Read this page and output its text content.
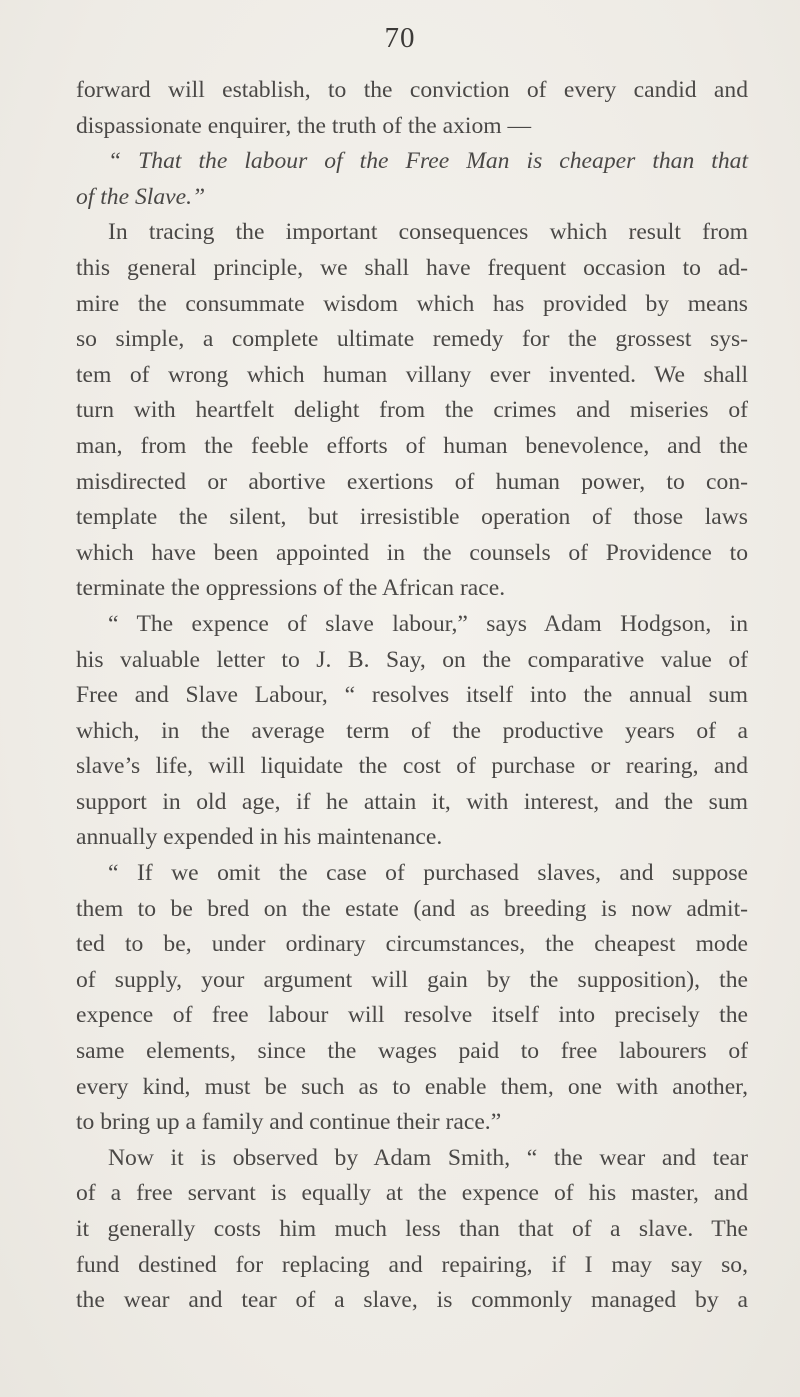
70
forward will establish, to the conviction of every candid and
dispassionate enquirer, the truth of the axiom —
“ That the labour of the Free Man is cheaper than that
of the Slave.”
In tracing the important consequences which result from
this general principle, we shall have frequent occasion to ad-
mire the consummate wisdom which has provided by means
so simple, a complete ultimate remedy for the grossest sys-
tem of wrong which human villany ever invented. We shall
turn with heartfelt delight from the crimes and miseries of
man, from the feeble efforts of human benevolence, and the
misdirected or abortive exertions of human power, to con-
template the silent, but irresistible operation of those laws
which have been appointed in the counsels of Providence to
terminate the oppressions of the African race.
“ The expence of slave labour,” says Adam Hodgson, in
his valuable letter to J. B. Say, on the comparative value of
Free and Slave Labour, “ resolves itself into the annual sum
which, in the average term of the productive years of a
slave’s life, will liquidate the cost of purchase or rearing, and
support in old age, if he attain it, with interest, and the sum
annually expended in his maintenance.
“ If we omit the case of purchased slaves, and suppose
them to be bred on the estate (and as breeding is now admit-
ted to be, under ordinary circumstances, the cheapest mode
of supply, your argument will gain by the supposition), the
expence of free labour will resolve itself into precisely the
same elements, since the wages paid to free labourers of
every kind, must be such as to enable them, one with another,
to bring up a family and continue their race.”
Now it is observed by Adam Smith, “ the wear and tear
of a free servant is equally at the expence of his master, and
it generally costs him much less than that of a slave. The
fund destined for replacing and repairing, if I may say so,
the wear and tear of a slave, is commonly managed by a
